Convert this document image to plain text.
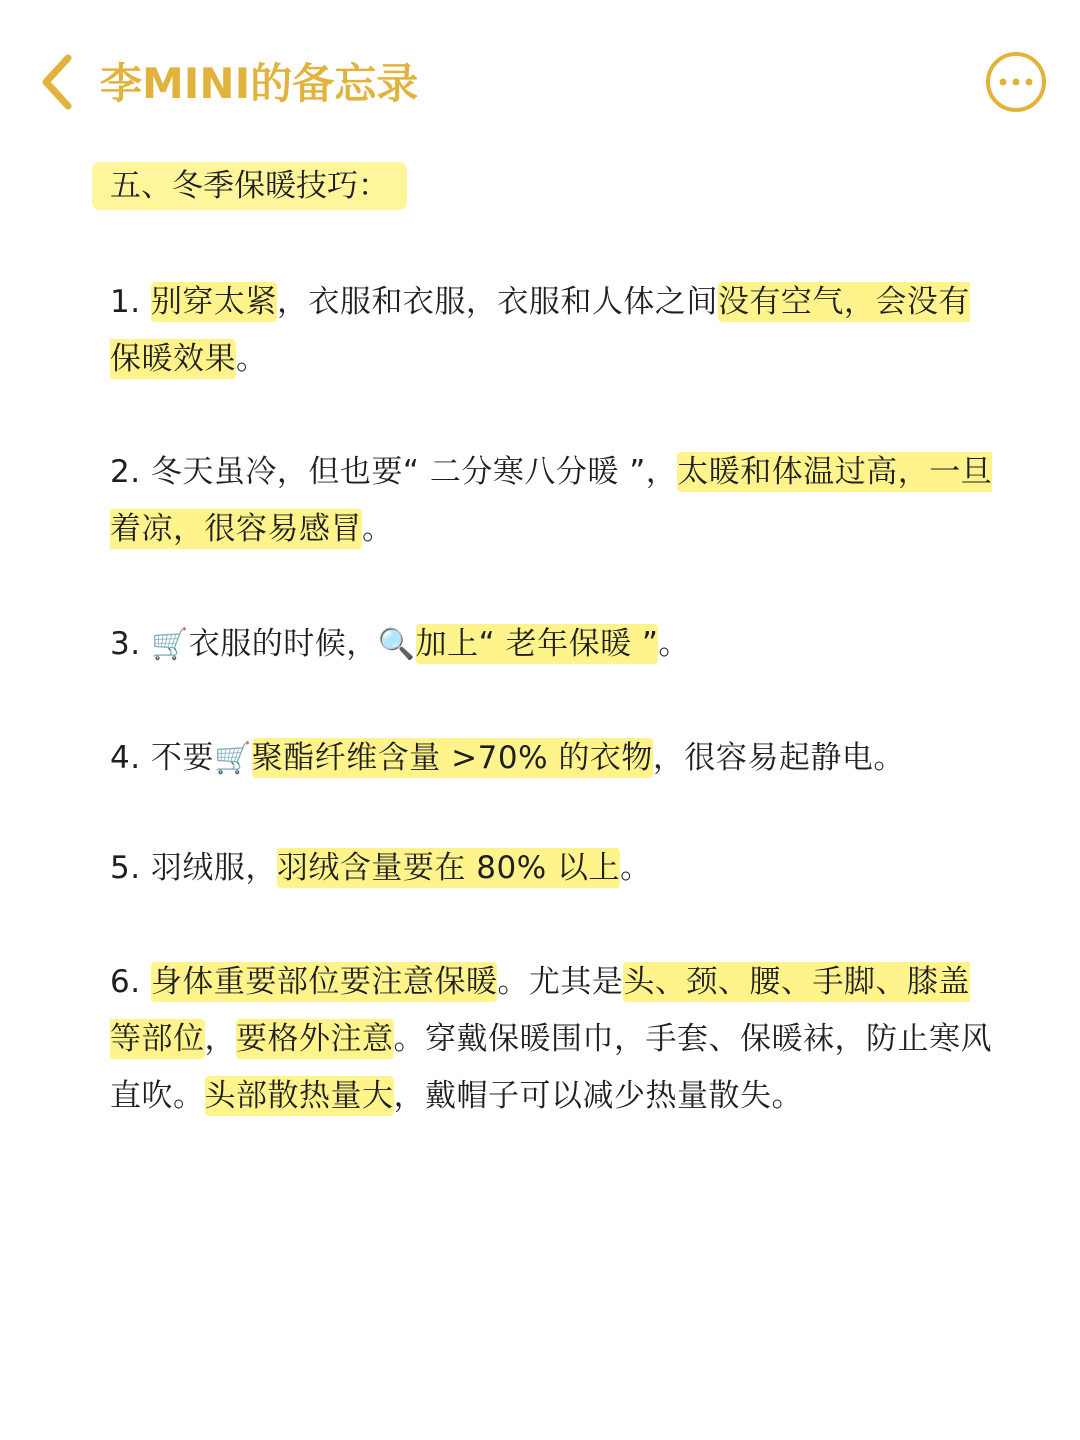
李MINI的备忘录
五、冬季保暖技巧：
1. 别穿太紧，衣服和衣服，衣服和人体之间没有空气，会没有保暖效果。
2. 冬天虽冷，但也要“ 二分寒八分暖 ”，太暖和体温过高，一旦着凉，很容易感冒。
3. 🛒衣服的时候，🔍加上“ 老年保暖 ”。
4. 不要🛒聚酯纤维含量 >70% 的衣物，很容易起静电。
5. 羽绒服，羽绒含量要在 80% 以上。
6. 身体重要部位要注意保暖。尤其是头、颈、腰、手脚、膝盖等部位，要格外注意。穿戴保暖围巾，手套、保暖袜，防止寒风直吹。头部散热量大，戴帽子可以减少热量散失。
